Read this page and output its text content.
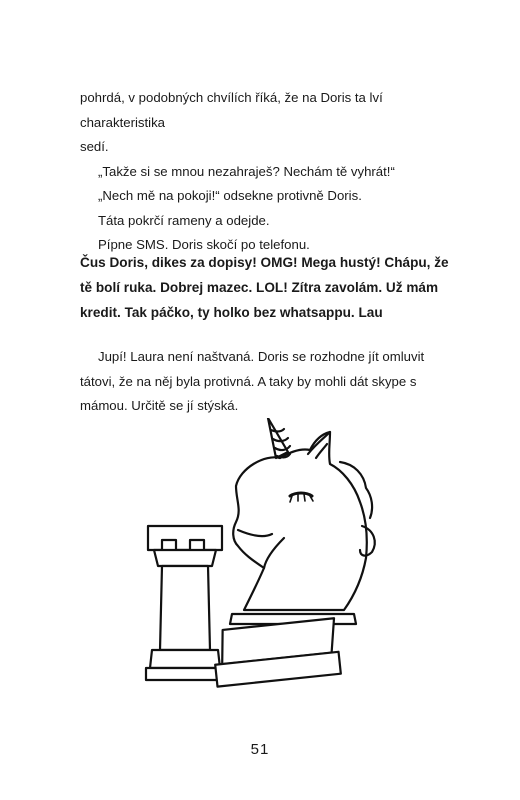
pohrdá, v podobných chvílích říká, že na Doris ta lví charakteristika

sedí.

„Takže si se mnou nezahraješ? Nechám tě vyhrát!“

„Nech mě na pokoji!“ odsekne protivně Doris.

Táta pokrčí rameny a odejde.

Pípne SMS. Doris skočí po telefonu.

Čus Doris, dikes za dopisy! OMG! Mega hustý! Chápu, že tě bolí ruka. Dobrej mazec. LOL! Zítra zavolám. Už mám kredit. Tak páčko, ty holko bez whatsappu. Lau

Jupí! Laura není naštvaná. Doris se rozhodne jít omluvit tátovi, že na něj byla protivná. A taky by mohli dát skype s mámou. Určitě se jí stýská.

51
